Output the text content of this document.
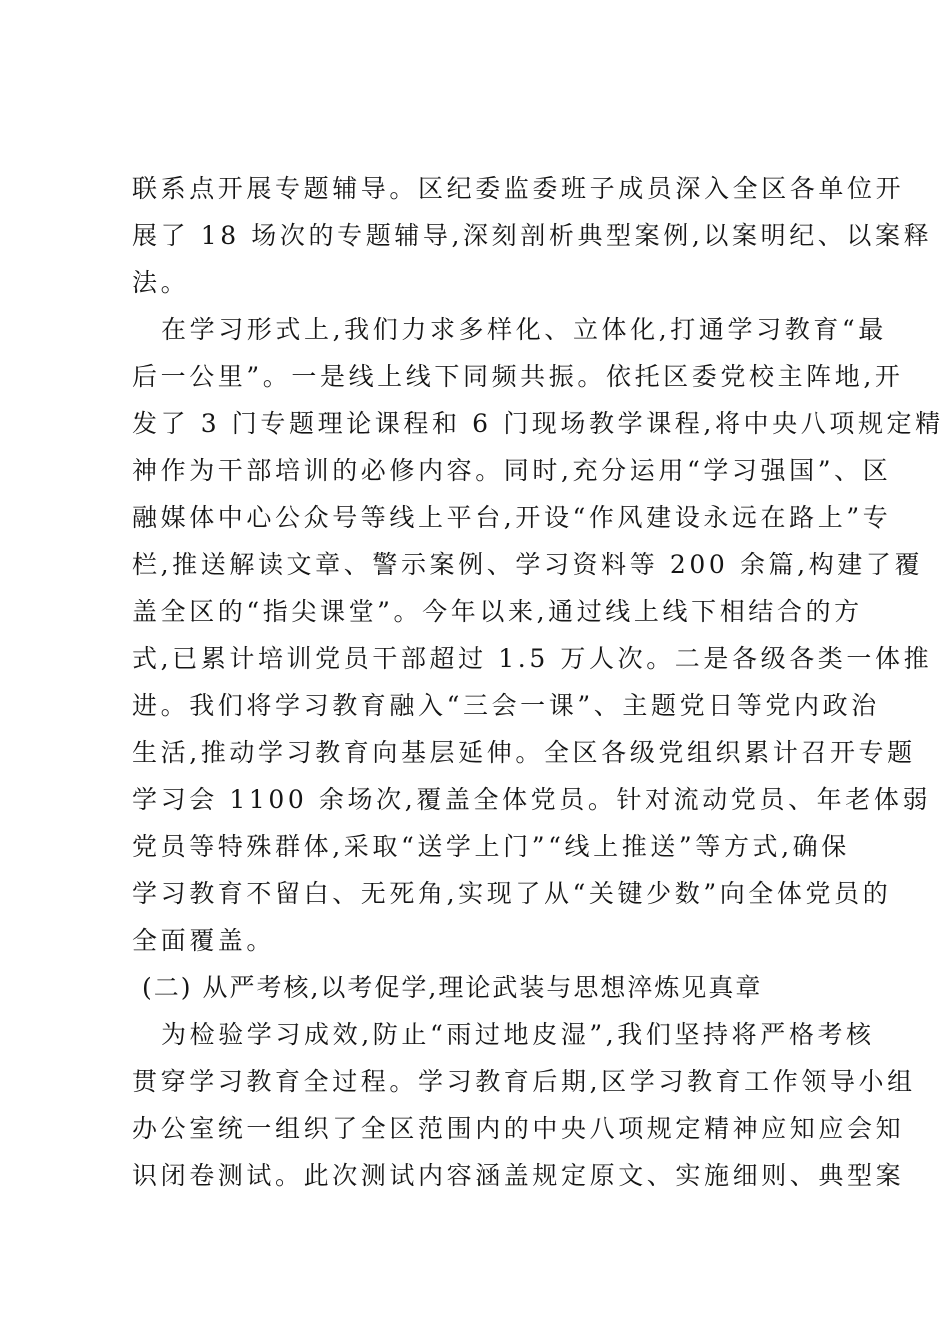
联系点开展专题辅导。区纪委监委班子成员深入全区各单位开
展了 18 场次的专题辅导,深刻剖析典型案例,以案明纪、以案释
法。
在学习形式上,我们力求多样化、立体化,打通学习教育“最
后一公里”。一是线上线下同频共振。依托区委党校主阵地,开
发了 3 门专题理论课程和 6 门现场教学课程,将中央八项规定精
神作为干部培训的必修内容。同时,充分运用“学习强国”、区
融媒体中心公众号等线上平台,开设“作风建设永远在路上”专
栏,推送解读文章、警示案例、学习资料等 200 余篇,构建了覆
盖全区的“指尖课堂”。今年以来,通过线上线下相结合的方
式,已累计培训党员干部超过 1.5 万人次。二是各级各类一体推
进。我们将学习教育融入“三会一课”、主题党日等党内政治
生活,推动学习教育向基层延伸。全区各级党组织累计召开专题
学习会 1100 余场次,覆盖全体党员。针对流动党员、年老体弱
党员等特殊群体,采取“送学上门”“线上推送”等方式,确保
学习教育不留白、无死角,实现了从“关键少数”向全体党员的
全面覆盖。
(二) 从严考核,以考促学,理论武装与思想淬炼见真章
为检验学习成效,防止“雨过地皮湿”,我们坚持将严格考核
贯穿学习教育全过程。学习教育后期,区学习教育工作领导小组
办公室统一组织了全区范围内的中央八项规定精神应知应会知
识闭卷测试。此次测试内容涵盖规定原文、实施细则、典型案
